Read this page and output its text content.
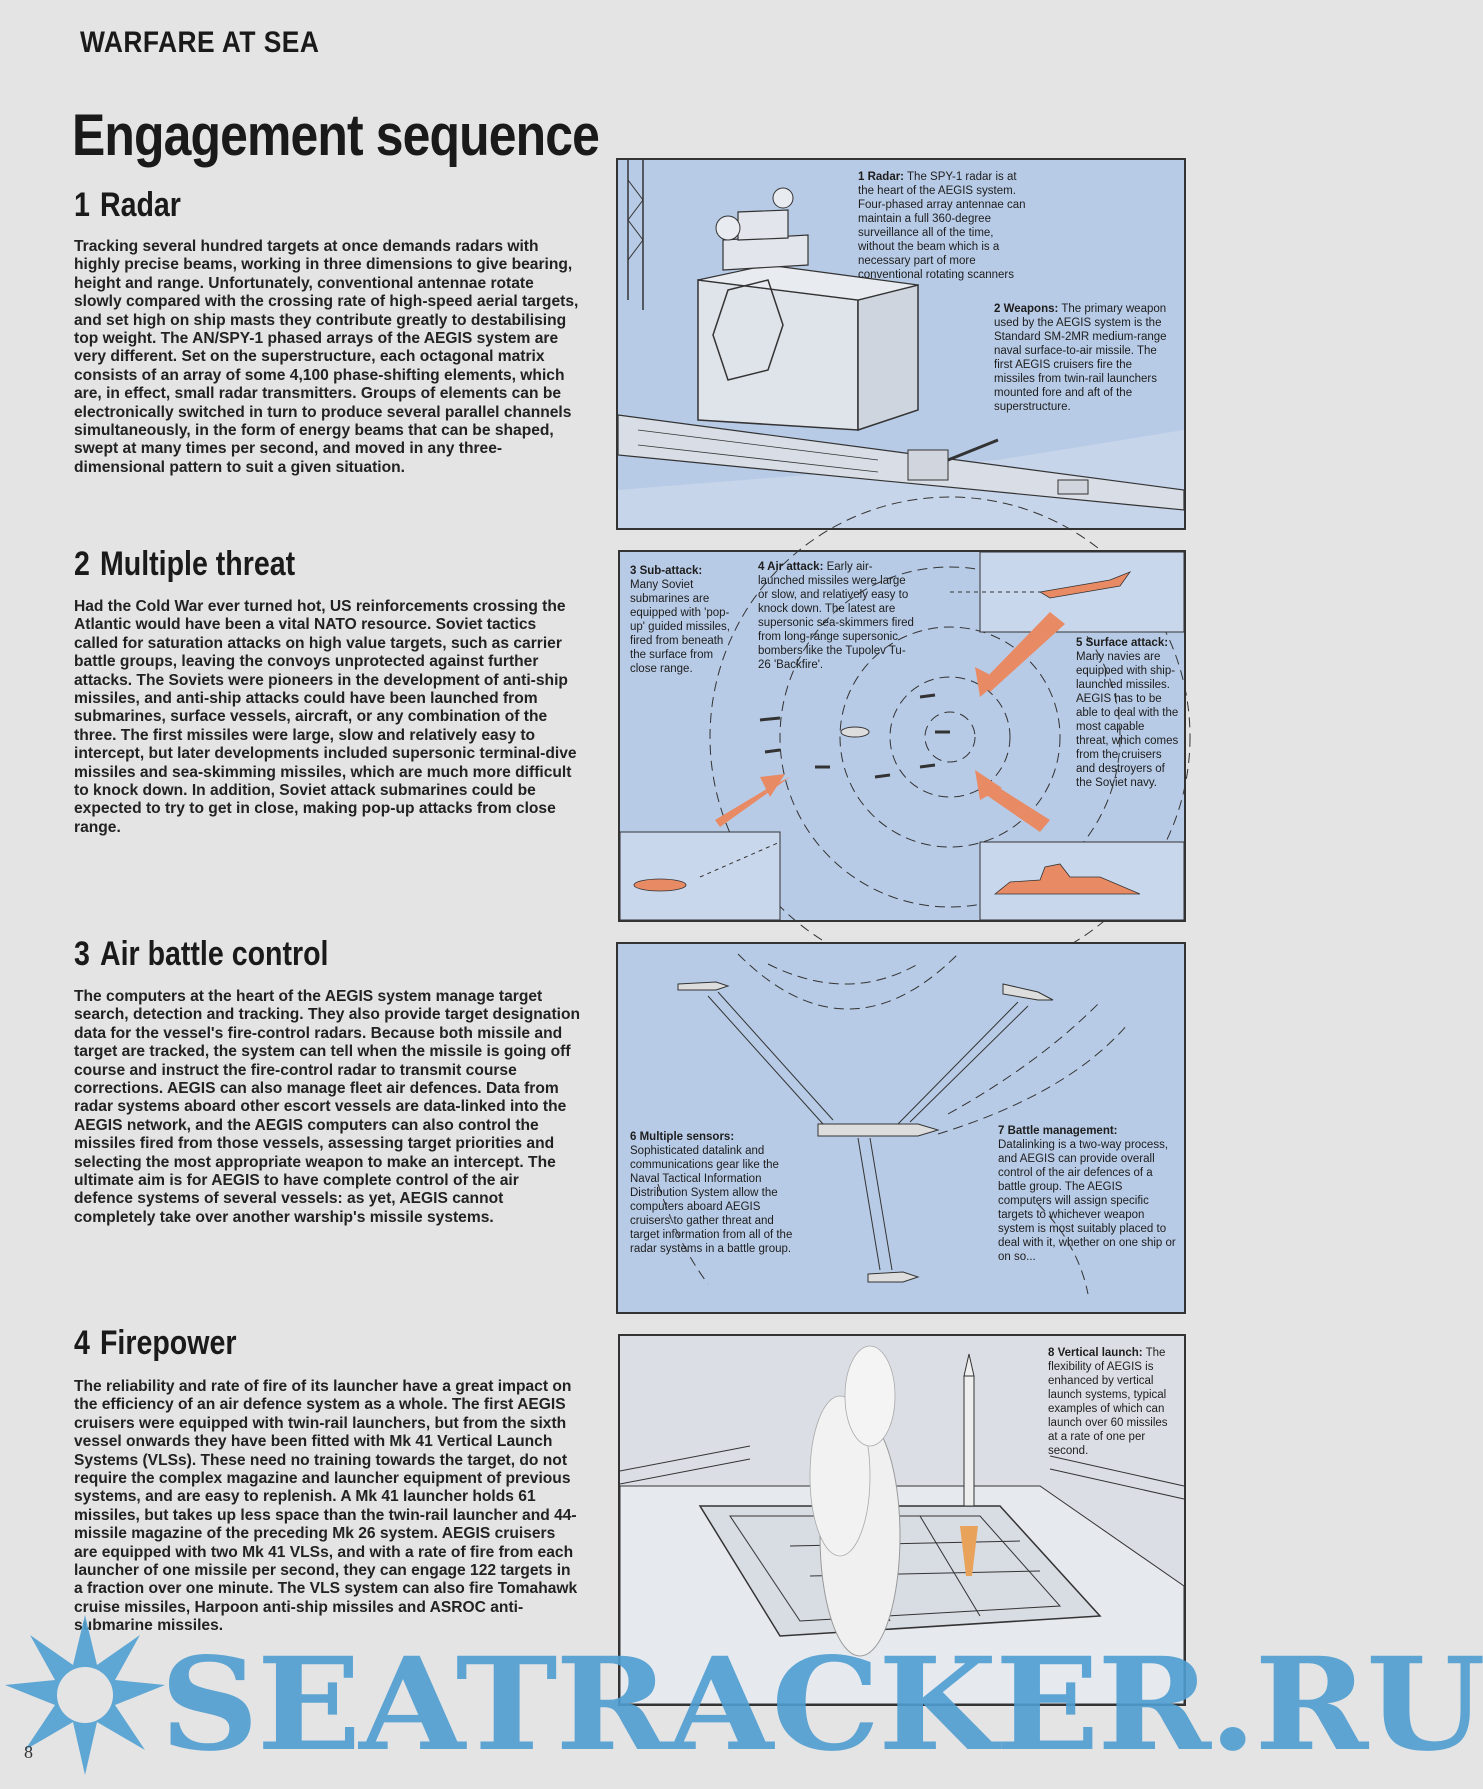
WARFARE AT SEA
Engagement sequence
1 Radar
Tracking several hundred targets at once demands radars with highly precise beams, working in three dimensions to give bearing, height and range. Unfortunately, conventional antennae rotate slowly compared with the crossing rate of high-speed aerial targets, and set high on ship masts they contribute greatly to destabilising top weight. The AN/SPY-1 phased arrays of the AEGIS system are very different. Set on the superstructure, each octagonal matrix consists of an array of some 4,100 phase-shifting elements, which are, in effect, small radar transmitters. Groups of elements can be electronically switched in turn to produce several parallel channels simultaneously, in the form of energy beams that can be shaped, swept at many times per second, and moved in any three-dimensional pattern to suit a given situation.
2 Multiple threat
Had the Cold War ever turned hot, US reinforcements crossing the Atlantic would have been a vital NATO resource. Soviet tactics called for saturation attacks on high value targets, such as carrier battle groups, leaving the convoys unprotected against further attacks. The Soviets were pioneers in the development of anti-ship missiles, and anti-ship attacks could have been launched from submarines, surface vessels, aircraft, or any combination of the three. The first missiles were large, slow and relatively easy to intercept, but later developments included supersonic terminal-dive missiles and sea-skimming missiles, which are much more difficult to knock down. In addition, Soviet attack submarines could be expected to try to get in close, making pop-up attacks from close range.
3 Air battle control
The computers at the heart of the AEGIS system manage target search, detection and tracking. They also provide target designation data for the vessel's fire-control radars. Because both missile and target are tracked, the system can tell when the missile is going off course and instruct the fire-control radar to transmit course corrections. AEGIS can also manage fleet air defences. Data from radar systems aboard other escort vessels are data-linked into the AEGIS network, and the AEGIS computers can also control the missiles fired from those vessels, assessing target priorities and selecting the most appropriate weapon to make an intercept. The ultimate aim is for AEGIS to have complete control of the air defence systems of several vessels: as yet, AEGIS cannot completely take over another warship's missile systems.
4 Firepower
The reliability and rate of fire of its launcher have a great impact on the efficiency of an air defence system as a whole. The first AEGIS cruisers were equipped with twin-rail launchers, but from the sixth vessel onwards they have been fitted with Mk 41 Vertical Launch Systems (VLSs). These need no training towards the target, do not require the complex magazine and launcher equipment of previous systems, and are easy to replenish. A Mk 41 launcher holds 61 missiles, but takes up less space than the twin-rail launcher and 44-missile magazine of the preceding Mk 26 system. AEGIS cruisers are equipped with two Mk 41 VLSs, and with a rate of fire from each launcher of one missile per second, they can engage 122 targets in a fraction over one minute. The VLS system can also fire Tomahawk cruise missiles, Harpoon anti-ship missiles and ASROC anti-submarine missiles.
1 Radar: The SPY-1 radar is at the heart of the AEGIS system. Four-phased array antennae can maintain a full 360-degree surveillance all of the time, without the beam which is a necessary part of more conventional rotating scanners
2 Weapons: The primary weapon used by the AEGIS system is the Standard SM-2MR medium-range naval surface-to-air missile. The first AEGIS cruisers fire the missiles from twin-rail launchers mounted fore and aft of the superstructure.
3 Sub-attack: Many Soviet submarines are equipped with 'pop-up' guided missiles, fired from beneath the surface from close range.
4 Air attack: Early air-launched missiles were large or slow, and relatively easy to knock down. The latest are supersonic sea-skimmers fired from long-range supersonic bombers like the Tupolev Tu-26 'Backfire'.
5 Surface attack: Many navies are equipped with ship-launched missiles. AEGIS has to be able to deal with the most capable threat, which comes from the cruisers and destroyers of the Soviet navy.
6 Multiple sensors: Sophisticated datalink and communications gear like the Naval Tactical Information Distribution System allow the computers aboard AEGIS cruisers to gather threat and target information from all of the radar systems in a battle group.
7 Battle management: Datalinking is a two-way process, and AEGIS can provide overall control of the air defences of a battle group. The AEGIS computers will assign specific targets to whichever weapon system is most suitably placed to deal with it, whether on one ship or on so...
8 Vertical launch: The flexibility of AEGIS is enhanced by vertical launch systems, typical examples of which can launch over 60 missiles at a rate of one per second.
SEATRACKER.RU
8
